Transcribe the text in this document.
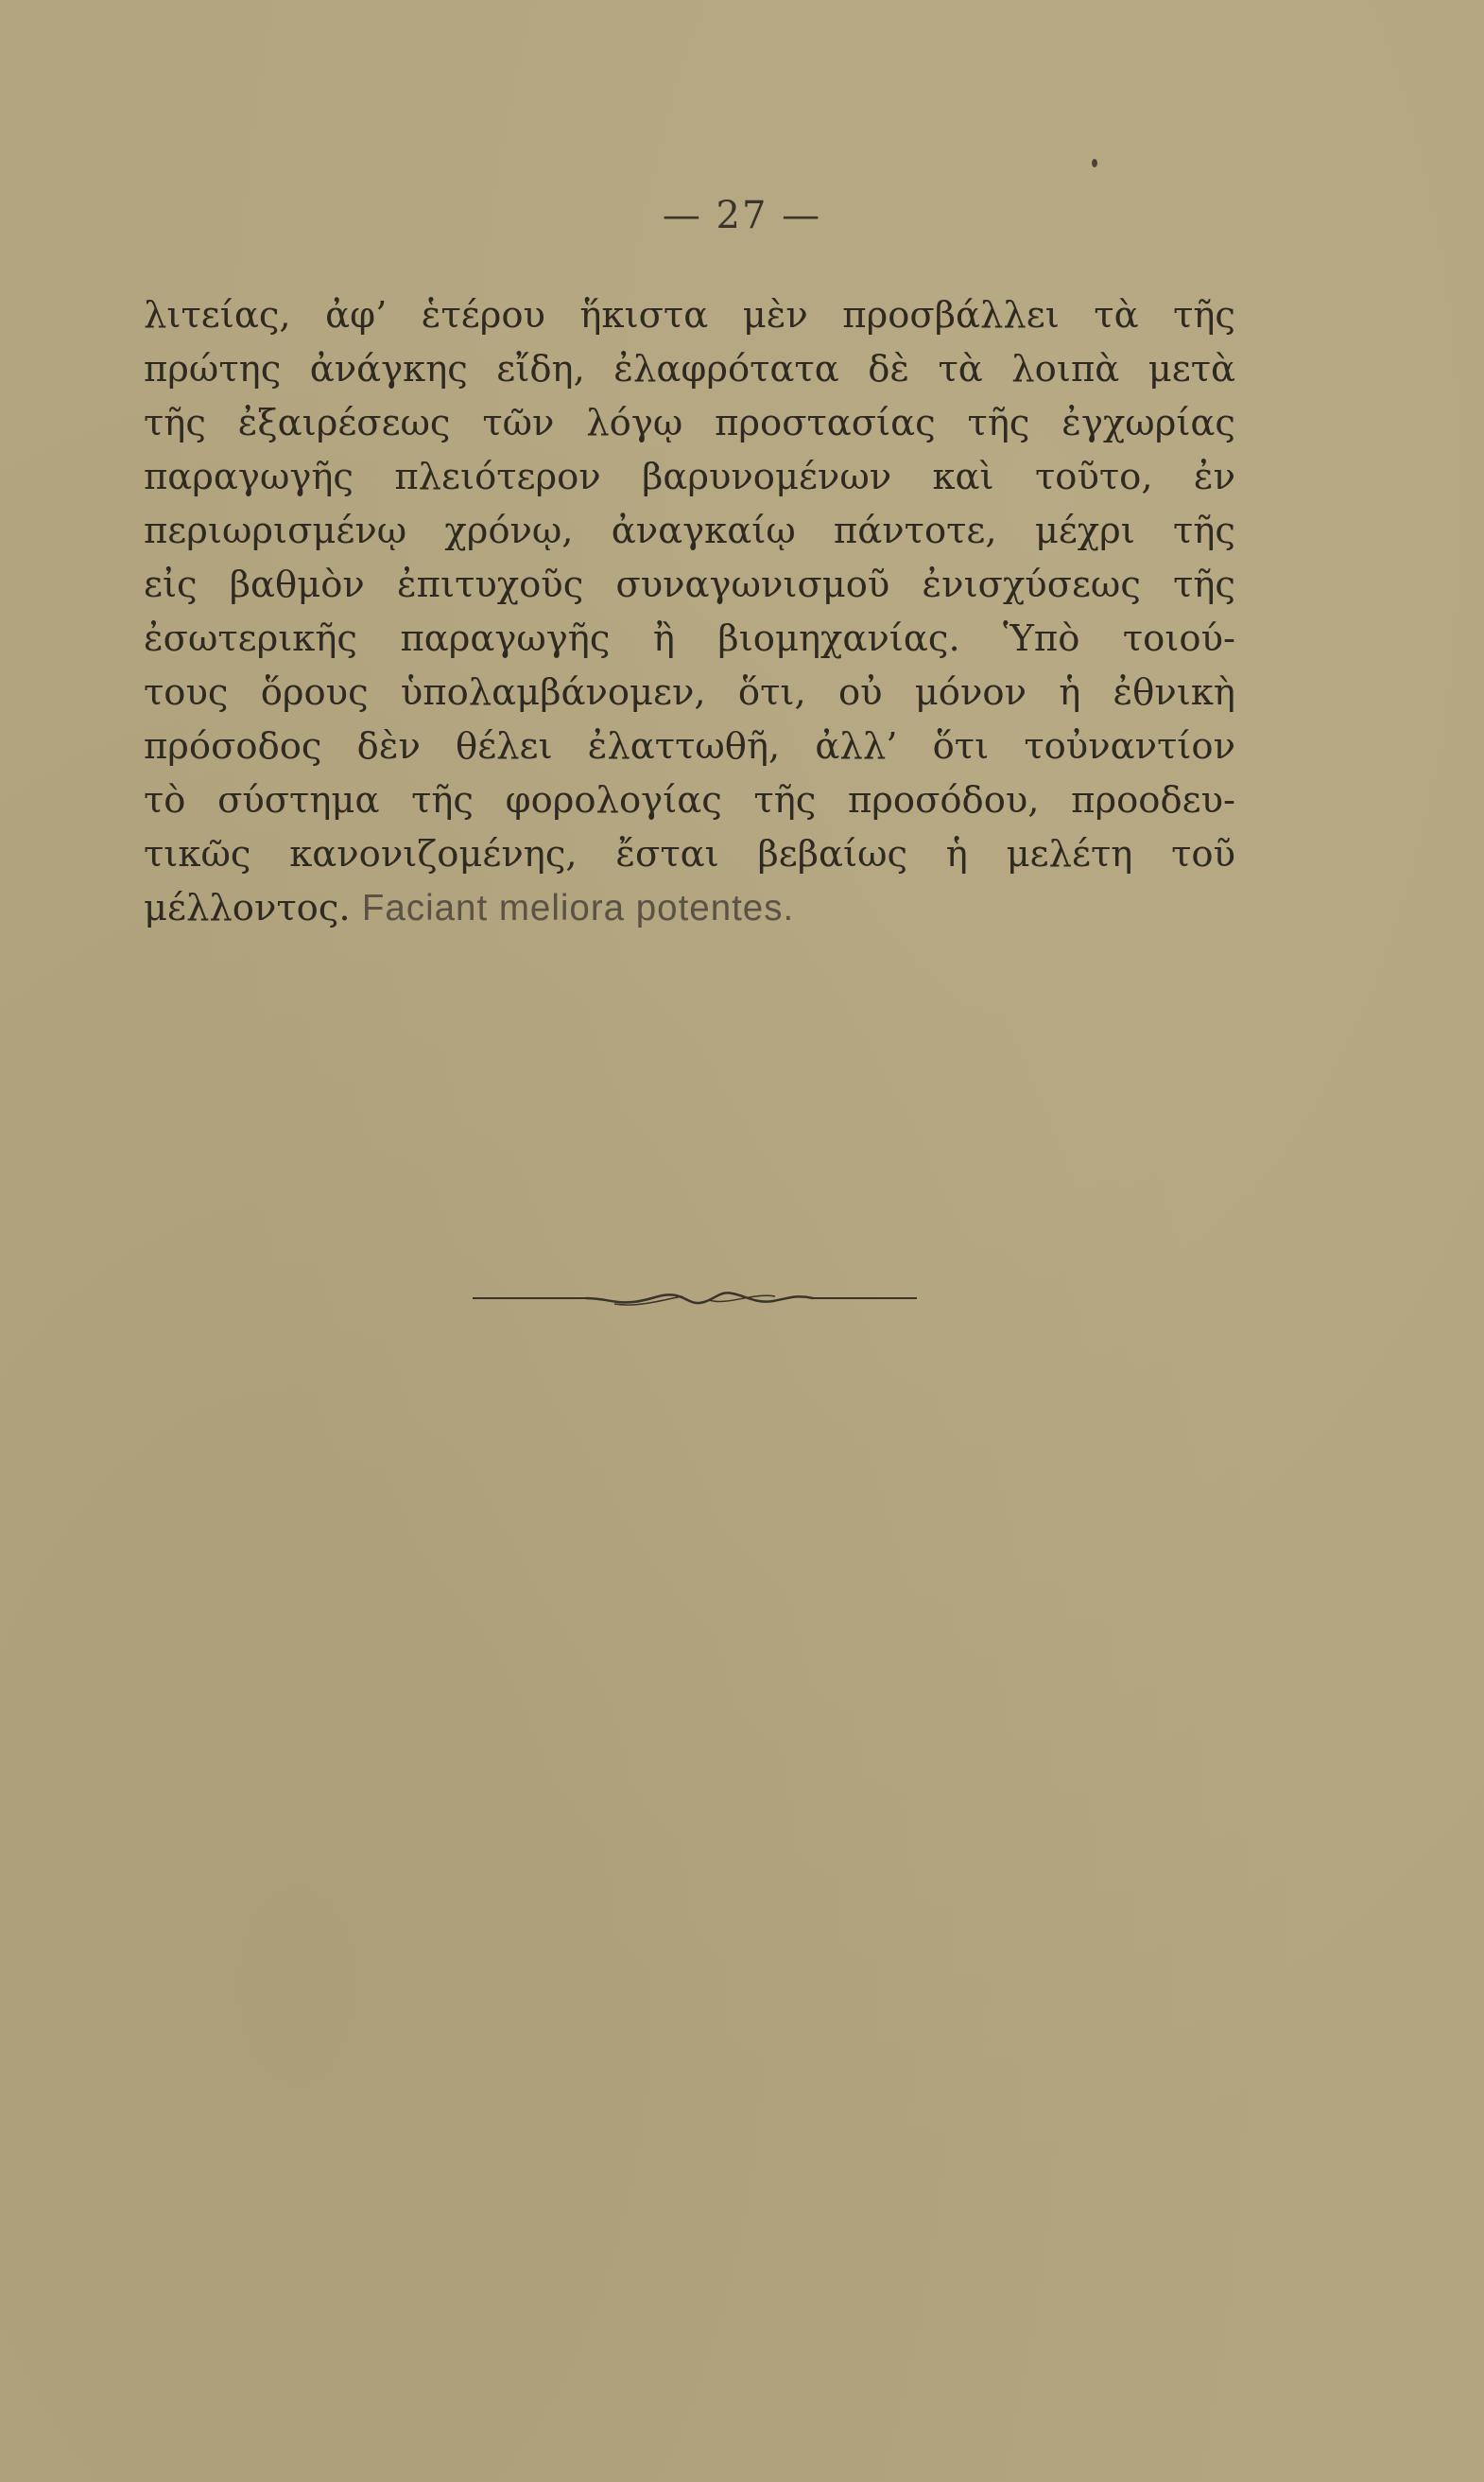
— 27 —
λιτείας, ἀφ’ ἑτέρου ἥκιστα μὲν προσβάλλει τὰ τῆς
πρώτης ἀνάγκης εἴδη, ἐλαφρότατα δὲ τὰ λοιπὰ μετὰ
τῆς ἐξαιρέσεως τῶν λόγῳ προστασίας τῆς ἐγχωρίας
παραγωγῆς πλειότερον βαρυνομένων καὶ τοῦτο, ἐν
περιωρισμένῳ χρόνῳ, ἀναγκαίῳ πάντοτε, μέχρι τῆς
εἰς βαθμὸν ἐπιτυχοῦς συναγωνισμοῦ ἐνισχύσεως τῆς
ἐσωτερικῆς παραγωγῆς ἢ βιομηχανίας. Ὑπὸ τοιού-
τους ὅρους ὑπολαμβάνομεν, ὅτι, οὐ μόνον ἡ ἐθνικὴ
πρόσοδος δὲν θέλει ἐλαττωθῆ, ἀλλ’ ὅτι τοὐναντίον
τὸ σύστημα τῆς φορολογίας τῆς προσόδου, προοδευ-
τικῶς κανονιζομένης, ἔσται βεβαίως ἡ μελέτη τοῦ
μέλλοντος. Faciant meliora potentes.
